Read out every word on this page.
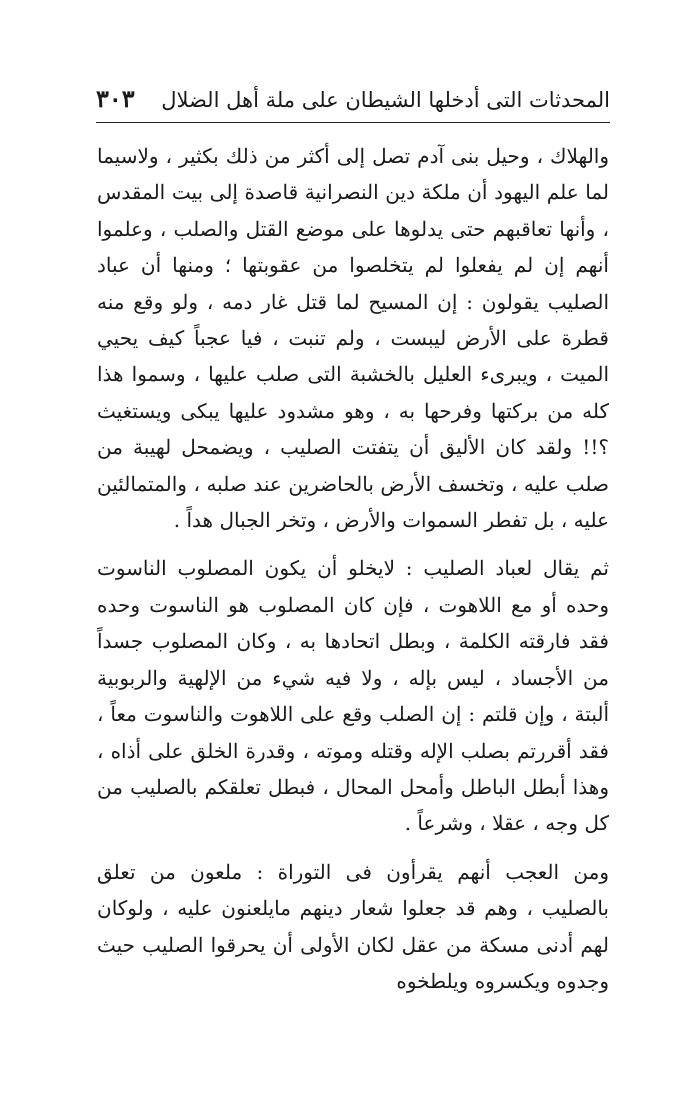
المحدثات التى أدخلها الشيطان على ملة أهل الضلال
٣٠٣

والهلاك ، وحيل بنى آدم تصل إلى أكثر من ذلك بكثير ، ولاسيما لما علم اليهود أن ملكة دين النصرانية قاصدة إلى بيت المقدس ، وأنها تعاقبهم حتى يدلوها على موضع القتل والصلب ، وعلموا أنهم إن لم يفعلوا لم يتخلصوا من عقوبتها ؛ ومنها أن عباد الصليب يقولون : إن المسيح لما قتل غار دمه ، ولو وقع منه قطرة على الأرض ليبست ، ولم تنبت ، فيا عجباً كيف يحيي الميت ، ويبرىء العليل بالخشبة التى صلب عليها ، وسموا هذا كله من بركتها وفرحها به ، وهو مشدود عليها يبكى ويستغيث ؟!! ولقد كان الأليق أن يتفتت الصليب ، ويضمحل لهيبة من صلب عليه ، وتخسف الأرض بالحاضرين عند صلبه ، والمتمالئين عليه ، بل تفطر السموات والأرض ، وتخر الجبال هداً .

ثم يقال لعباد الصليب : لايخلو أن يكون المصلوب الناسوت وحده أو مع اللاهوت ، فإن كان المصلوب هو الناسوت وحده فقد فارقته الكلمة ، وبطل اتحادها به ، وكان المصلوب جسداً من الأجساد ، ليس بإله ، ولا فيه شيء من الإلهية والربوبية ألبتة ، وإن قلتم : إن الصلب وقع على اللاهوت والناسوت معاً ، فقد أقررتم بصلب الإله وقتله وموته ، وقدرة الخلق على أذاه ، وهذا أبطل الباطل وأمحل المحال ، فبطل تعلقكم بالصليب من كل وجه ، عقلا ، وشرعاً .

ومن العجب أنهم يقرأون فى التوراة : ملعون من تعلق بالصليب ، وهم قد جعلوا شعار دينهم مايلعنون عليه ، ولوكان لهم أدنى مسكة من عقل لكان الأولى أن يحرقوا الصليب حيث وجدوه ويكسروه ويلطخوه
